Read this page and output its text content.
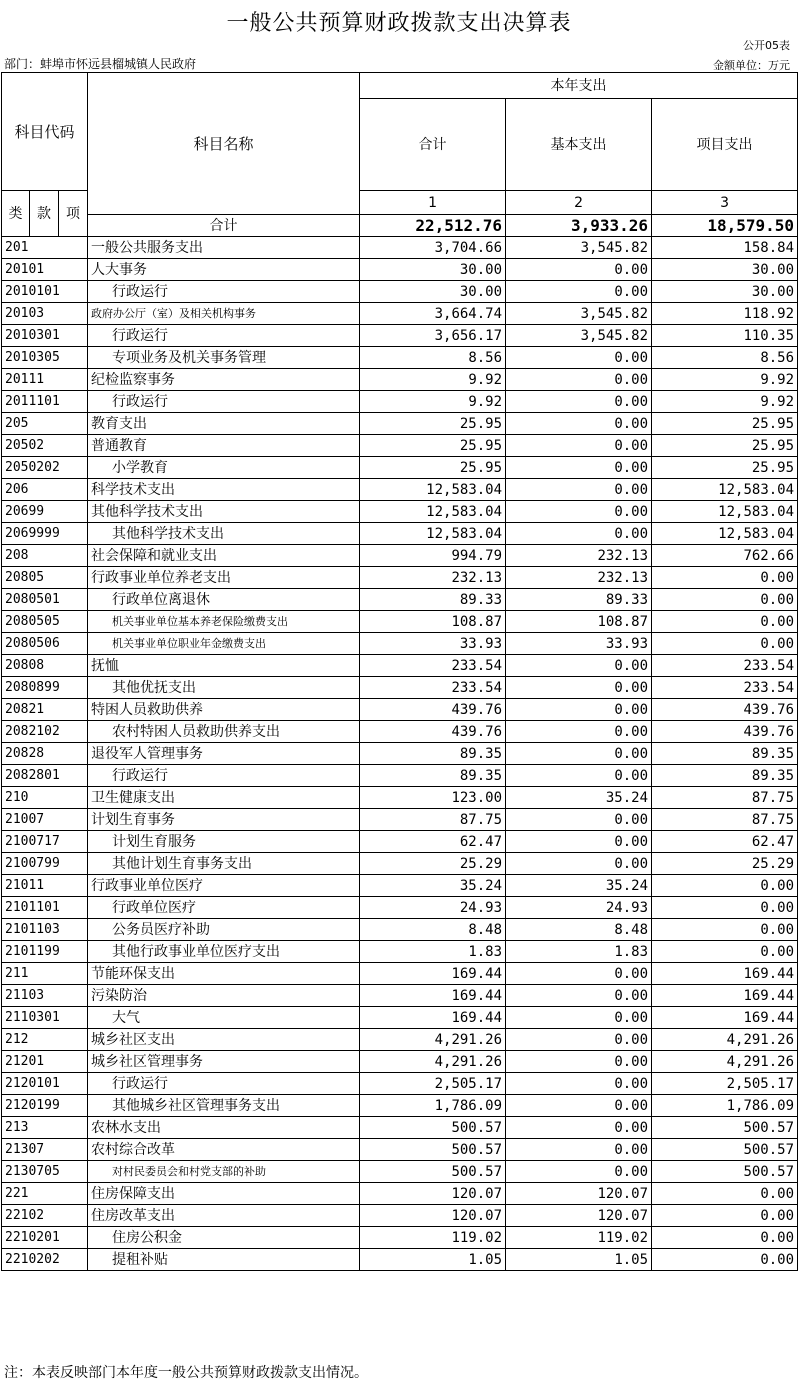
一般公共预算财政拨款支出决算表
公开05表
部门：蚌埠市怀远县榴城镇人民政府	金额单位：万元
科目代码			科目名称	本年支出		
				合计	基本支出	项目支出

类	款	项		1	2	3
			合计	22,512.76	3,933.26	18,579.50
201			一般公共服务支出	3,704.66	3,545.82	158.84
20101			人大事务	30.00	0.00	30.00
2010101			行政运行	30.00	0.00	30.00
20103			政府办公厅（室）及相关机构事务	3,664.74	3,545.82	118.92
2010301			行政运行	3,656.17	3,545.82	110.35
2010305			专项业务及机关事务管理	8.56	0.00	8.56
20111			纪检监察事务	9.92	0.00	9.92
2011101			行政运行	9.92	0.00	9.92
205			教育支出	25.95	0.00	25.95
20502			普通教育	25.95	0.00	25.95
2050202			小学教育	25.95	0.00	25.95
206			科学技术支出	12,583.04	0.00	12,583.04
20699			其他科学技术支出	12,583.04	0.00	12,583.04
2069999			其他科学技术支出	12,583.04	0.00	12,583.04
208			社会保障和就业支出	994.79	232.13	762.66
20805			行政事业单位养老支出	232.13	232.13	0.00
2080501			行政单位离退休	89.33	89.33	0.00
2080505			机关事业单位基本养老保险缴费支出	108.87	108.87	0.00
2080506			机关事业单位职业年金缴费支出	33.93	33.93	0.00
20808			抚恤	233.54	0.00	233.54
2080899			其他优抚支出	233.54	0.00	233.54
20821			特困人员救助供养	439.76	0.00	439.76
2082102			农村特困人员救助供养支出	439.76	0.00	439.76
20828			退役军人管理事务	89.35	0.00	89.35
2082801			行政运行	89.35	0.00	89.35
210			卫生健康支出	123.00	35.24	87.75
21007			计划生育事务	87.75	0.00	87.75
2100717			计划生育服务	62.47	0.00	62.47
2100799			其他计划生育事务支出	25.29	0.00	25.29
21011			行政事业单位医疗	35.24	35.24	0.00
2101101			行政单位医疗	24.93	24.93	0.00
2101103			公务员医疗补助	8.48	8.48	0.00
2101199			其他行政事业单位医疗支出	1.83	1.83	0.00
211			节能环保支出	169.44	0.00	169.44
21103			污染防治	169.44	0.00	169.44
2110301			大气	169.44	0.00	169.44
212			城乡社区支出	4,291.26	0.00	4,291.26
21201			城乡社区管理事务	4,291.26	0.00	4,291.26
2120101			行政运行	2,505.17	0.00	2,505.17
2120199			其他城乡社区管理事务支出	1,786.09	0.00	1,786.09
213			农林水支出	500.57	0.00	500.57
21307			农村综合改革	500.57	0.00	500.57
2130705			对村民委员会和村党支部的补助	500.57	0.00	500.57
221			住房保障支出	120.07	120.07	0.00
22102			住房改革支出	120.07	120.07	0.00
2210201			住房公积金	119.02	119.02	0.00
2210202			提租补贴	1.05	1.05	0.00
注：本表反映部门本年度一般公共预算财政拨款支出情况。
